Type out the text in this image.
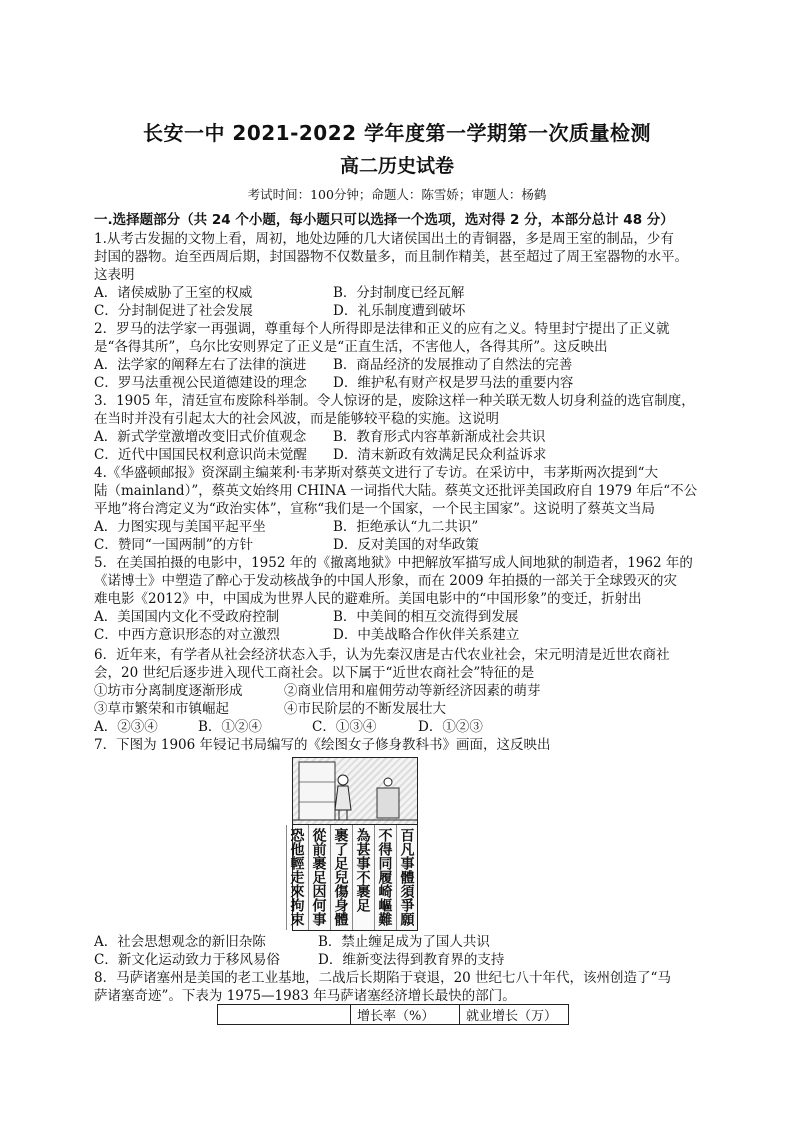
长安一中 2021-2022 学年度第一学期第一次质量检测
高二历史试卷
考试时间：100分钟；命题人：陈雪娇；审题人：杨鹤
一.选择题部分（共 24 个小题，每小题只可以选择一个选项，选对得 2 分，本部分总计 48 分）
1.从考古发掘的文物上看，周初，地处边陲的几大诸侯国出土的青铜器，多是周王室的制品，少有
封国的器物。迨至西周后期，封国器物不仅数量多，而且制作精美，甚至超过了周王室器物的水平。
这表明
A．诸侯威胁了王室的权威	B．分封制度已经瓦解
C．分封制促进了社会发展	D．礼乐制度遭到破坏
2．罗马的法学家一再强调，尊重每个人所得即是法律和正义的应有之义。特里封宁提出了正义就
是“各得其所”，乌尔比安则界定了正义是“正直生活，不害他人，各得其所”。这反映出
A．法学家的阐释左右了法律的演进 B．商品经济的发展推动了自然法的完善
C．罗马法重视公民道德建设的理念 D．维护私有财产权是罗马法的重要内容
3．1905 年，清廷宣布废除科举制。令人惊讶的是，废除这样一种关联无数人切身利益的选官制度，
在当时并没有引起太大的社会风波，而是能够较平稳的实施。这说明
A．新式学堂激增改变旧式价值观念 B．教育形式内容革新渐成社会共识
C．近代中国国民权利意识尚未觉醒 D．清末新政有效满足民众利益诉求
4.《华盛顿邮报》资深副主编莱利·韦茅斯对蔡英文进行了专访。在采访中，韦茅斯两次提到“大
陆（mainland）”，蔡英文始终用 CHINA 一词指代大陆。蔡英文还批评美国政府自 1979 年后“不公
平地”将台湾定义为“政治实体”，宣称“我们是一个国家，一个民主国家”。这说明了蔡英文当局
A．力图实现与美国平起平坐	B．拒绝承认“九二共识”
C．赞同“一国两制”的方针	D．反对美国的对华政策
5．在美国拍摄的电影中，1952 年的《撤离地狱》中把解放军描写成人间地狱的制造者，1962 年的
《诺博士》中塑造了醉心于发动核战争的中国人形象，而在 2009 年拍摄的一部关于全球毁灭的灾
难电影《2012》中，中国成为世界人民的避难所。美国电影中的“中国形象”的变迁，折射出
A．美国国内文化不受政府控制	B．中美间的相互交流得到发展
C．中西方意识形态的对立激烈	D．中美战略合作伙伴关系建立
6．近年来，有学者从社会经济状态入手，认为先秦汉唐是古代农业社会，宋元明清是近世农商社
会，20 世纪后逐步进入现代工商社会。以下属于“近世农商社会”特征的是
①坊市分离制度逐渐形成	②商业信用和雇佣劳动等新经济因素的萌芽
③草市繁荣和市镇崛起	④市民阶层的不断发展壮大
A．②③④	B．①②④	C．①③④	D．①②③
7．下图为 1906 年锓记书局编写的《绘图女子修身教科书》画面，这反映出
百凡事體須爭願
不得同履崎嶇難
為甚事不裹足
裹了足兒傷身體
從前裹足因何事
恐他輕走來拘束
A．社会思想观念的新旧杂陈	B．禁止缠足成为了国人共识
C．新文化运动致力于移风易俗	D．维新变法得到教育界的支持
8．马萨诸塞州是美国的老工业基地，二战后长期陷于衰退，20 世纪七八十年代，该州创造了“马
萨诸塞奇迹”。下表为 1975—1983 年马萨诸塞经济增长最快的部门。
	增长率（%）	就业增长（万）
